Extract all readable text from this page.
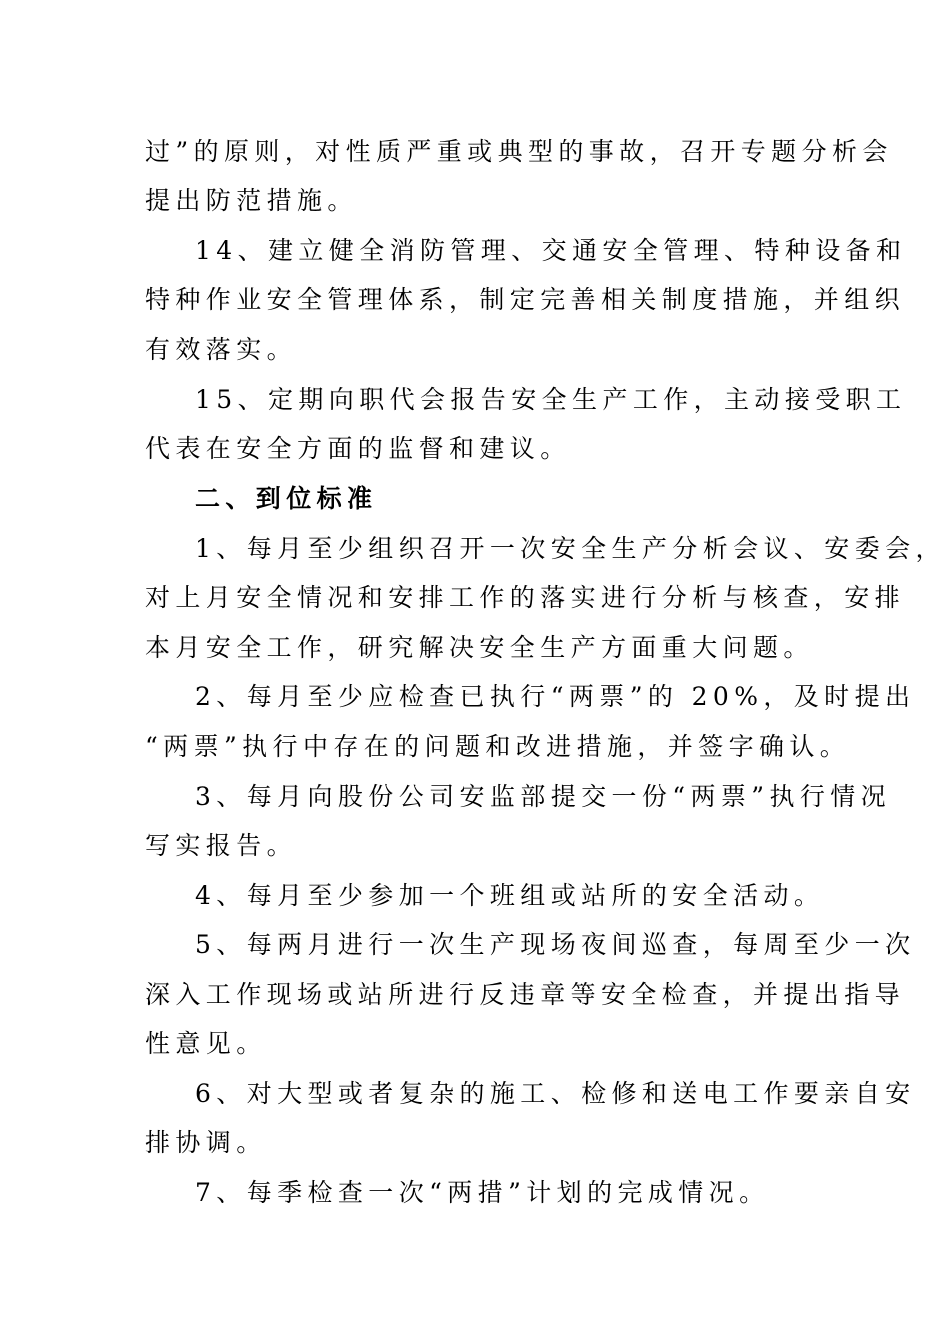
过”的原则，对性质严重或典型的事故，召开专题分析会
提出防范措施。
14、建立健全消防管理、交通安全管理、特种设备和
特种作业安全管理体系，制定完善相关制度措施，并组织
有效落实。
15、定期向职代会报告安全生产工作，主动接受职工
代表在安全方面的监督和建议。
二、到位标准
1、每月至少组织召开一次安全生产分析会议、安委会，
对上月安全情况和安排工作的落实进行分析与核查，安排
本月安全工作，研究解决安全生产方面重大问题。
2、每月至少应检查已执行“两票”的 20%，及时提出
“两票”执行中存在的问题和改进措施，并签字确认。
3、每月向股份公司安监部提交一份“两票”执行情况
写实报告。
4、每月至少参加一个班组或站所的安全活动。
5、每两月进行一次生产现场夜间巡查，每周至少一次
深入工作现场或站所进行反违章等安全检查，并提出指导
性意见。
6、对大型或者复杂的施工、检修和送电工作要亲自安
排协调。
7、每季检查一次“两措”计划的完成情况。
